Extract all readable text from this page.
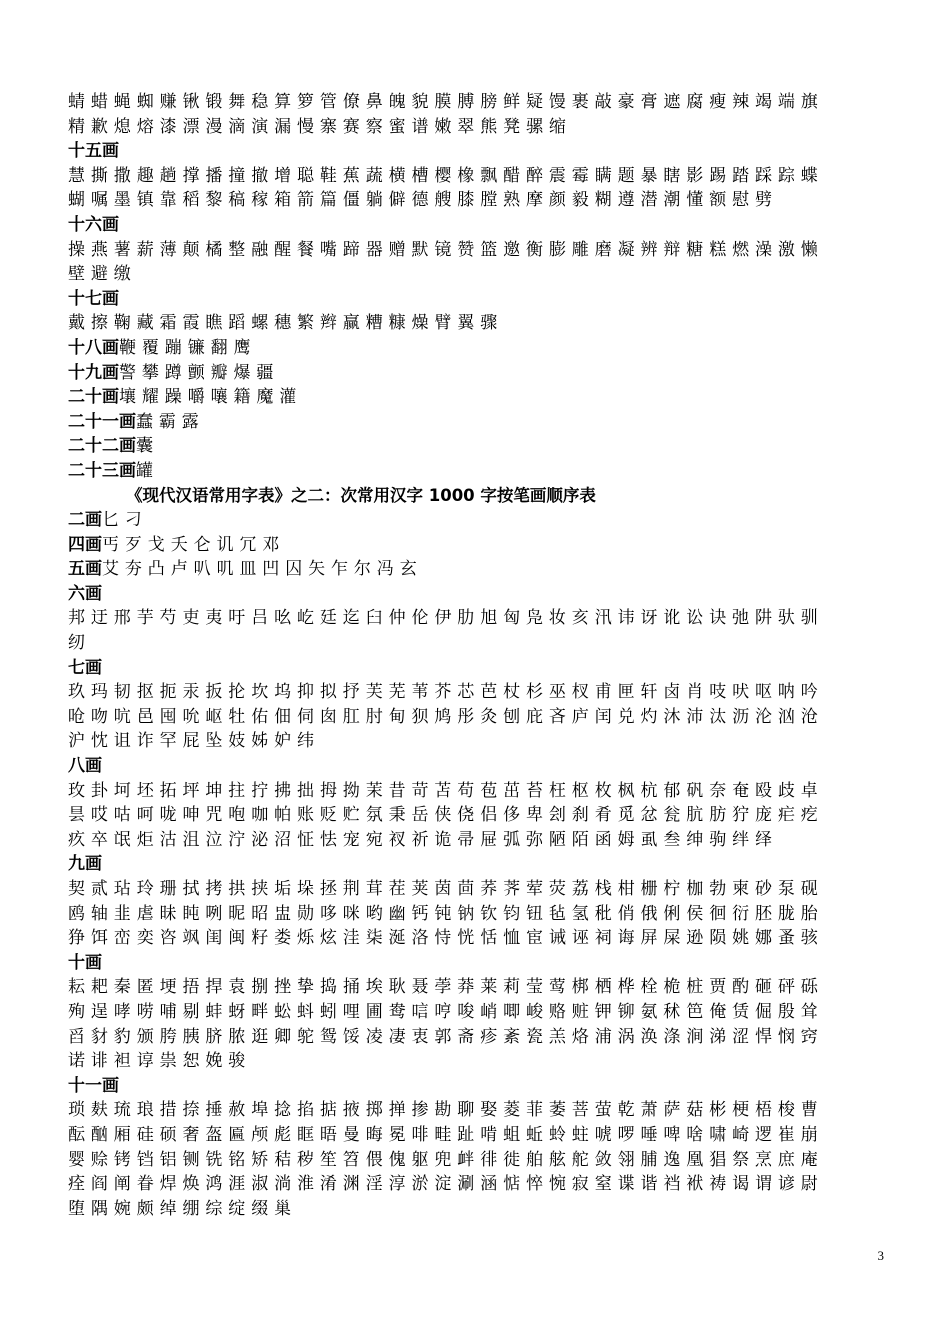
蜻蜡蝇蜘赚锹锻舞稳算箩管僚鼻魄貌膜膊膀鲜疑馒裹敲豪膏遮腐瘦辣竭端旗
精歉熄熔漆漂漫滴演漏慢寨赛察蜜谱嫩翠熊凳骡缩
十五画
慧撕撒趣趟撑播撞撤增聪鞋蕉蔬横槽樱橡飘醋醉震霉瞒题暴瞎影踢踏踩踪蝶
蝴嘱墨镇靠稻黎稿稼箱箭篇僵躺僻德艘膝膛熟摩颜毅糊遵潜潮懂额慰劈
十六画
操燕薯薪薄颠橘整融醒餐嘴蹄器赠默镜赞篮邀衡膨雕磨凝辨辩糖糕燃澡激懒
壁避缴
十七画
戴擦鞠藏霜霞瞧蹈螺穗繁辫赢糟糠燥臂翼骤
十八画鞭覆蹦镰翻鹰
十九画警攀蹲颤瓣爆疆
二十画壤耀躁嚼嚷籍魔灌
二十一画蠢霸露
二十二画囊
二十三画罐
《现代汉语常用字表》之二：次常用汉字 1000 字按笔画顺序表
二画匕刁
四画丐歹戈夭仑讥冗邓
五画艾夯凸卢叭叽皿凹囚矢乍尔冯玄
六画
邦迂邢芋芍吏夷吁吕吆屹廷迄臼仲伦伊肋旭匈凫妆亥汛讳讶讹讼诀弛阱驮驯
纫
七画
玖玛韧抠扼汞扳抡坎坞抑拟抒芙芜苇芥芯芭杖杉巫杈甫匣轩卤肖吱吠呕呐吟
呛吻吭邑囤吮岖牡佑佃伺囱肛肘甸狈鸠彤灸刨庇吝庐闰兑灼沐沛汰沥沦汹沧
沪忱诅诈罕屁坠妓姊妒纬
八画
玫卦坷坯拓坪坤拄拧拂拙拇拗茉昔苛苫苟苞茁苔枉枢枚枫杭郁矾奈奄殴歧卓
昙哎咕呵咙呻咒咆咖帕账贬贮氛秉岳侠侥侣侈卑刽刹肴觅忿瓮肮肪狞庞疟疙
疚卒氓炬沽沮泣泞泌沼怔怯宠宛衩祈诡帚屉弧弥陋陌函姆虱叁绅驹绊绎
九画
契贰玷玲珊拭拷拱挟垢垛拯荆茸茬荚茵茴荞荠荤荧荔栈柑栅柠枷勃柬砂泵砚
鸥轴韭虐昧盹咧昵昭盅勋哆咪哟幽钙钝钠钦钧钮毡氢秕俏俄俐侯徊衍胚胧胎
狰饵峦奕咨飒闺闽籽娄烁炫洼柒涎洛恃恍恬恤宦诫诬祠诲屏屎逊陨姚娜蚤骇
十画
耘耙秦匿埂捂捍袁捌挫挚捣捅埃耿聂荸莽莱莉莹莺梆栖桦栓桅桩贾酌砸砰砾
殉逞哮唠哺剔蚌蚜畔蚣蚪蚓哩圃鸯唁哼唆峭唧峻赂赃钾铆氨秫笆俺赁倔殷耸
舀豺豹颁胯胰脐脓逛卿鸵鸳馁凌凄衷郭斋疹紊瓷羔烙浦涡涣涤涧涕涩悍悯窍
诺诽袒谆祟恕娩骏
十一画
琐麸琉琅措捺捶赦埠捻掐掂掖掷掸掺勘聊娶菱菲萎菩萤乾萧萨菇彬梗梧梭曹
酝酗厢硅硕奢盔匾颅彪眶晤曼晦冕啡畦趾啃蛆蚯蛉蛀唬啰唾啤啥啸崎逻崔崩
婴赊铐铛铝铡铣铭矫秸秽笙笤偎傀躯兜衅徘徙舶舷舵敛翎脯逸凰猖祭烹庶庵
痊阎阐眷焊焕鸿涯淑淌淮淆渊淫淳淤淀涮涵惦悴惋寂窒谍谐裆袱祷谒谓谚尉
堕隅婉颇绰绷综绽缀巢
3
